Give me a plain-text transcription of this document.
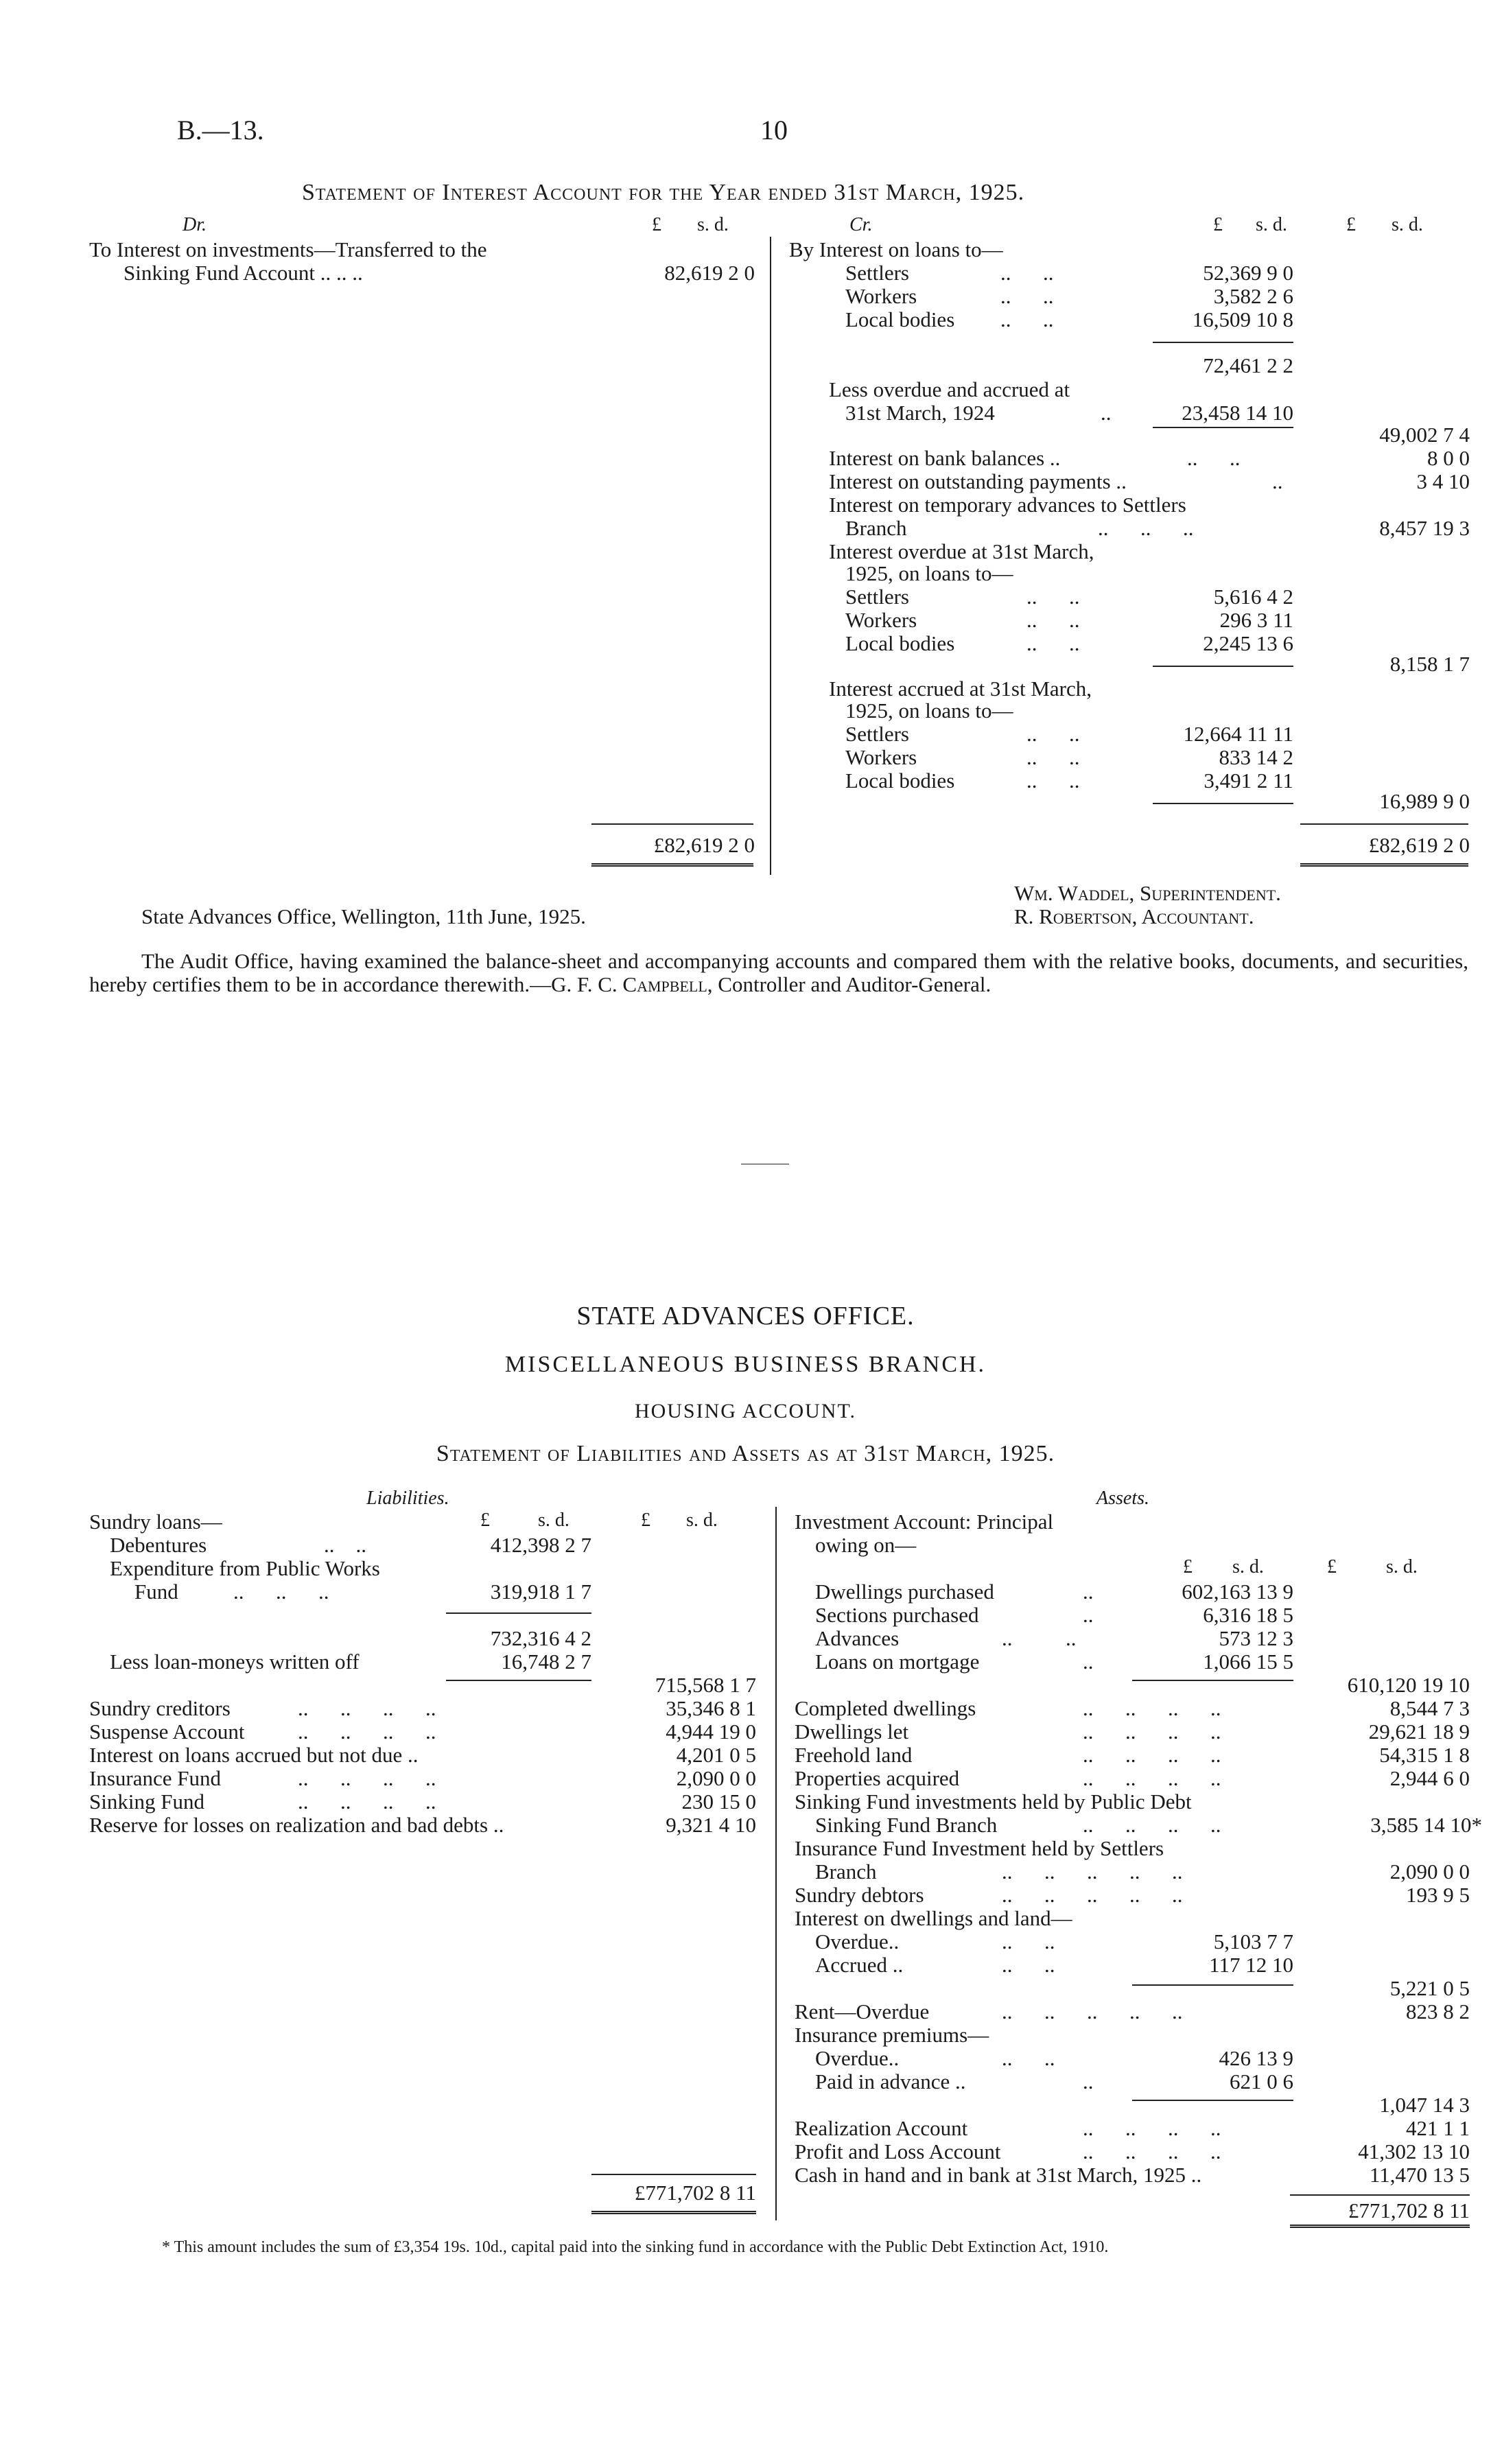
B.—13.	10
Statement of Interest Account for the Year ended 31st March, 1925.
Dr.	£ s. d.	Cr.	£ s. d.	£ s. d.
To Interest on investments—Transferred to the
Sinking Fund Account .. .. ..	82,619 2 0
£82,619 2 0
By Interest on loans to—
Settlers	..      ..	52,369 9 0
Workers	..      ..	3,582 2 6
Local bodies ..      ..	16,509 10 8
72,461 2 2
Less overdue and accrued at
31st March, 1924	..	23,458 14 10
49,002 7 4
Interest on bank balances ..	..      ..	8 0 0
Interest on outstanding payments ..	..	3 4 10
Interest on temporary advances to Settlers
Branch	..      ..      ..	8,457 19 3
Interest overdue at 31st March,
1925, on loans to—
Settlers	..      ..	5,616 4 2
Workers	..      ..	296 3 11
Local bodies	..      ..	2,245 13 6
8,158 1 7
Interest accrued at 31st March,
1925, on loans to—
Settlers	..      ..	12,664 11 11
Workers	..      ..	833 14 2
Local bodies	..      ..	3,491 2 11
16,989 9 0
£82,619 2 0
Wm. Waddel, Superintendent.
State Advances Office, Wellington, 11th June, 1925.	R. Robertson, Accountant.
The Audit Office, having examined the balance-sheet and accompanying accounts and compared them with the relative books, documents, and securities, hereby certifies them to be in accordance therewith.—G. F. C. Campbell, Controller and Auditor-General.
STATE ADVANCES OFFICE.
MISCELLANEOUS BUSINESS BRANCH.
HOUSING ACCOUNT.
Statement of Liabilities and Assets as at 31st March, 1925.
Liabilities.	Assets.
£	s. d.	£ s. d.
Sundry loans—
Debentures	..    ..	412,398 2 7
Expenditure from Public Works
Fund	..      ..      ..	319,918 1 7
732,316 4 2
Less loan-moneys written off	16,748 2 7
715,568 1 7
Sundry creditors	..      ..      ..      ..	35,346 8 1
Suspense Account	..      ..      ..      ..	4,944 19 0
Interest on loans accrued but not due ..	4,201 0 5
Insurance Fund	..      ..      ..      ..	2,090 0 0
Sinking Fund	..      ..      ..      ..	230 15 0
Reserve for losses on realization and bad debts ..	9,321 4 10
£771,702 8 11
£ s. d.	£	s. d.
Investment Account: Principal
owing on—
Dwellings purchased	..	602,163 13 9
Sections purchased	..	6,316 18 5
Advances	..          ..	573 12 3
Loans on mortgage	..	1,066 15 5
610,120 19 10
Completed dwellings	..      ..      ..      ..	8,544 7 3
Dwellings let	..      ..      ..      ..	29,621 18 9
Freehold land	..      ..      ..      ..	54,315 1 8
Properties acquired	..      ..      ..      ..	2,944 6 0
Sinking Fund investments held by Public Debt
Sinking Fund Branch	..      ..      ..      ..	3,585 14 10*
Insurance Fund Investment held by Settlers
Branch	..      ..      ..      ..      ..	2,090 0 0
Sundry debtors	..      ..      ..      ..      ..	193 9 5
Interest on dwellings and land—
Overdue..	..      ..	5,103 7 7
Accrued ..	..      ..	117 12 10
5,221 0 5
Rent—Overdue	..      ..      ..      ..      ..	823 8 2
Insurance premiums—
Overdue..	..      ..	426 13 9
Paid in advance ..	..	621 0 6
1,047 14 3
Realization Account	..      ..      ..      ..	421 1 1
Profit and Loss Account	..      ..      ..      ..	41,302 13 10
Cash in hand and in bank at 31st March, 1925 ..	11,470 13 5
£771,702 8 11
* This amount includes the sum of £3,354 19s. 10d., capital paid into the sinking fund in accordance with the Public Debt Extinction Act, 1910.
